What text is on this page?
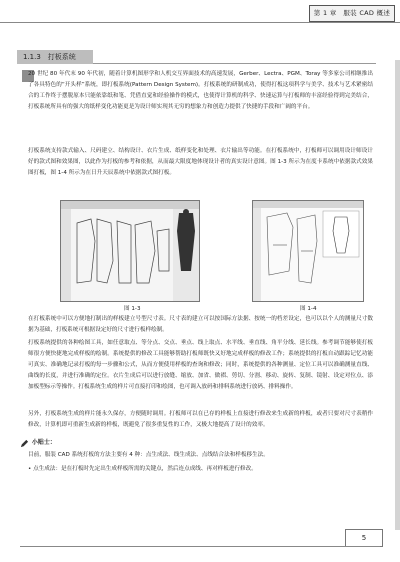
第 1 章　服装 CAD 概述
1.1.3　打板系统

20 世纪 80 年代末 90 年代初，随着计算机图形学和人机交互界面技术的高速发展，Gerber、Lectra、PGM、Toray 等多家公司相继推出了各具特色的“开头样”系统，即打板系统(Pattern Design System)。打板系统的研制成功，使得打板这项科学与美学、技术与艺术紧密结合的工作终于摆脱原本只能依靠纸和笔、凭借直觉和经验操作的模式，也使得计算机的科学、快速运算与打板师的丰富经验得到完美结合，打板系统所具有的强大的纸样变化功能更是为设计师实现其无穷的想象力和创造力提供了快捷的手段和广阔的平台。

打板系统支持款式输入、尺码建立、结构设计、衣片生成、纸样变化和处理、衣片输出等功能。在打板系统中，打板师可以调用设计师设计好的款式图和效果图，以此作为打板的参考和依据，从而最大限度地体现设计者的真实设计意图。图 1-3 所示为在度卡系统中依据款式效果图打板，图 1-4 所示为在日升天辰系统中依据款式图打板。

图 1-3	图 1-4

在打板系统中可以方便地打制出的样板建立号型尺寸表。尺寸表的建立可以按国际方法据、按统一的档差设定，也可以以个人的测量尺寸数据为基础，打板系统可根据设定好的尺寸进行板样绘制。

打板系统提供的各种绘图工具，如任意取点、等分点、交点、垂点、线上取点、水平线、垂直线、角平分线、延长线。参考调节能够使打板师很方便快捷地完成样板的绘制。系统提供的修改工具能够帮助打板师既快又好地完成样板的修改工作；系统提供的打板自动跟踪记忆功能可真实、准确地记录打板的每一步骤和公式，从而方便使用样板的查询和修改；同时，系统提供的各种测量、定位工具可以准确测量直线、曲线的长度，并进行准确的定位。衣片生成后可以进行放缝、缩放、加省、做褶、剪切、分割、移动、旋转、复制、镜射、设定对位点、添加板型标示等操作。打板系统生成的样片可直接打印和绘图，也可调入放码和排料系统进行放码、排料操作。

另外，打板系统生成的样片能永久保存，方便随时调用。打板师可以在已存的样板上直接进行修改来生成新的样板，或者只要对尺寸表稍作修改，计算机即可重新生成新的样板，既避免了很多重复性的工作，又极大地提高了设计的效率。

小贴士：

目前，服装 CAD 系统打板的方法主要有 4 种：点生成法、线生成法、点线结合法和样板移生法。

• 点生成法：是在打板时先定出生成样板所需的关键点，然后连点成线、再对样板进行修改。
5
